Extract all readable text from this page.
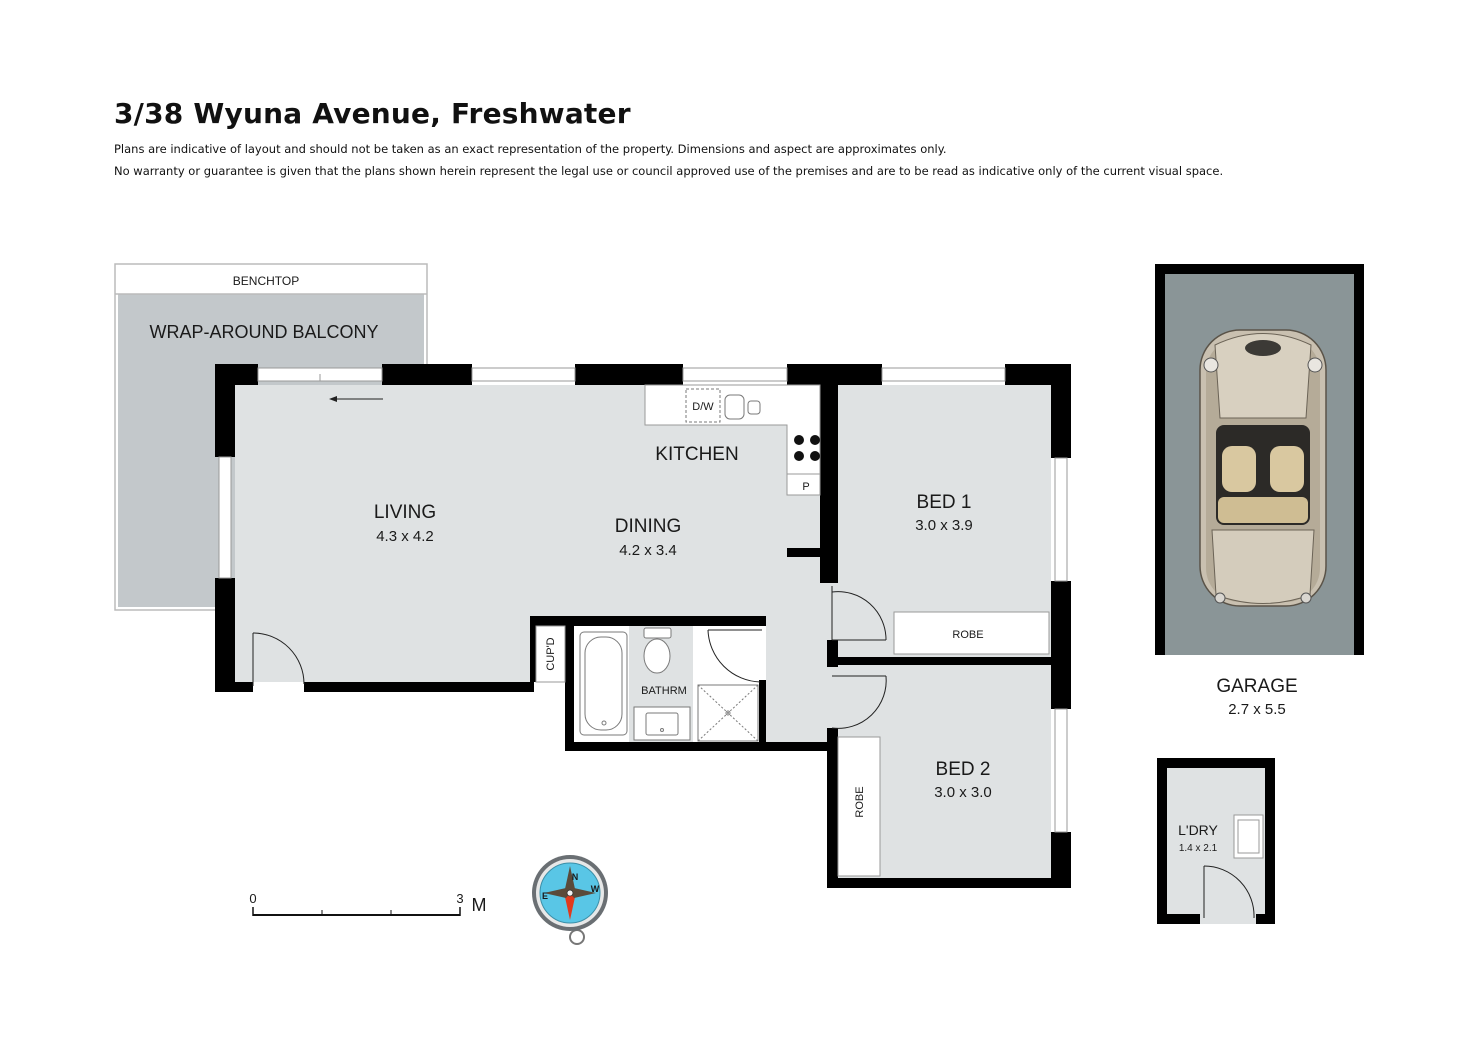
3/38 Wyuna Avenue, Freshwater

Plans are indicative of layout and should not be taken as an exact representation of the property. Dimensions and aspect are approximates only.

No warranty or guarantee is given that the plans shown herein represent the legal use or council approved use of the premises and are to be read as indicative only of the current visual space.

BENCHTOP
WRAP-AROUND BALCONY
D/W
P
KITCHEN
LIVING
4.3 x 4.2	DINING
4.2 x 3.4
CUP'D
BATHRM
ROBE
BED 1
3.0 x 3.9
ROBE
BED 2
3.0 x 3.0
GARAGE
2.7 x 5.5
L'DRY
1.4 x 2.1
0	3 M
N
W
E
